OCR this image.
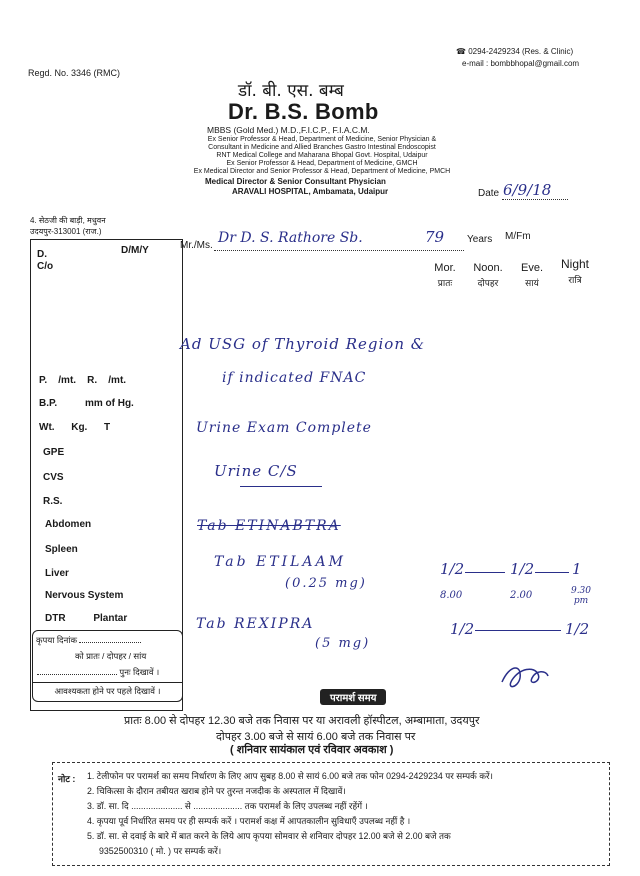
Regd. No. 3346 (RMC)
☎ 0294-2429234 (Res. & Clinic)
e-mail : bombbhopal@gmail.com
डॉ. बी. एस. बम्ब
Dr. B.S. Bomb
MBBS (Gold Med.) M.D.,F.I.C.P., F.I.A.C.M.
Ex Senior Professor & Head, Department of Medicine, Senior Physician &
Consultant in Medicine and Allied Branches Gastro Intestinal Endoscopist
RNT Medical College and Maharana Bhopal Govt. Hospital, Udaipur
Ex Senior Professor & Head, Department of Medicine, GMCH
Ex Medical Director and Senior Professor & Head, Department of Medicine, PMCH
Medical Director & Senior Consultant Physician
ARAVALI HOSPITAL, Ambamata, Udaipur	Date 6/9/18
4. सेठजी की बाड़ी, मधुवन
उदयपुर-313001 (राज.)
Mr./Ms. Dr D. S. Rathore Sb.	79 Years M/Fm
Mor.
प्रातः
Noon.
दोपहर
Eve.
सायं
Night
रात्रि
D.	D/M/Y
C/o
P.    /mt.    R.    /mt.
B.P.          mm of Hg.
Wt.      Kg.      T
GPE
CVS
R.S.
Abdomen
Spleen
Liver
Nervous System
DTR          Plantar
कृपया दिनांक
को प्रातः / दोपहर / सांय
पुनः दिखावें ।
आवश्यकता होने पर पहले दिखावें ।
Ad USG of Thyroid Region &
if indicated FNAC
Urine Exam Complete
Urine C/S
Tab ETINABTRA
Tab ETILAAM
(0.25 mg)
1/2	1/2	1
8.00	2.00	9.30 pm
Tab REXIPRA
(5 mg)
1/2	1/2
परामर्श समय
प्रातः 8.00 से दोपहर 12.30 बजे तक निवास पर या अरावली हॉस्पीटल, अम्बामाता, उदयपुर
दोपहर 3.00 बजे से सायं 6.00 बजे तक निवास पर
( शनिवार सायंकाल एवं रविवार अवकाश )
नोट : 1. टेलीफोन पर परामर्श का समय निर्धारण के लिए आप सुबह 8.00 से सायं 6.00 बजे तक फोन 0294-2429234 पर सम्पर्क करें।
2. चिकित्सा के दौरान तबीयत खराब होने पर तुरन्त नजदीक के अस्पताल में दिखावें।
3. डॉ. सा. दि ..................... से .................... तक परामर्श के लिए उपलब्ध नहीं रहेंगें ।
4. कृपया पूर्व निर्धारित समय पर ही सम्पर्क करें । परामर्श कक्ष में आपतकालीन सुविधाएँ उपलब्ध नहीं है ।
5. डॉ. सा. से दवाई के बारे में बात करने के लिये आप कृपया सोमवार से शनिवार दोपहर 12.00 बजे से 2.00 बजे तक
9352500310 ( मो. ) पर सम्पर्क करें।
